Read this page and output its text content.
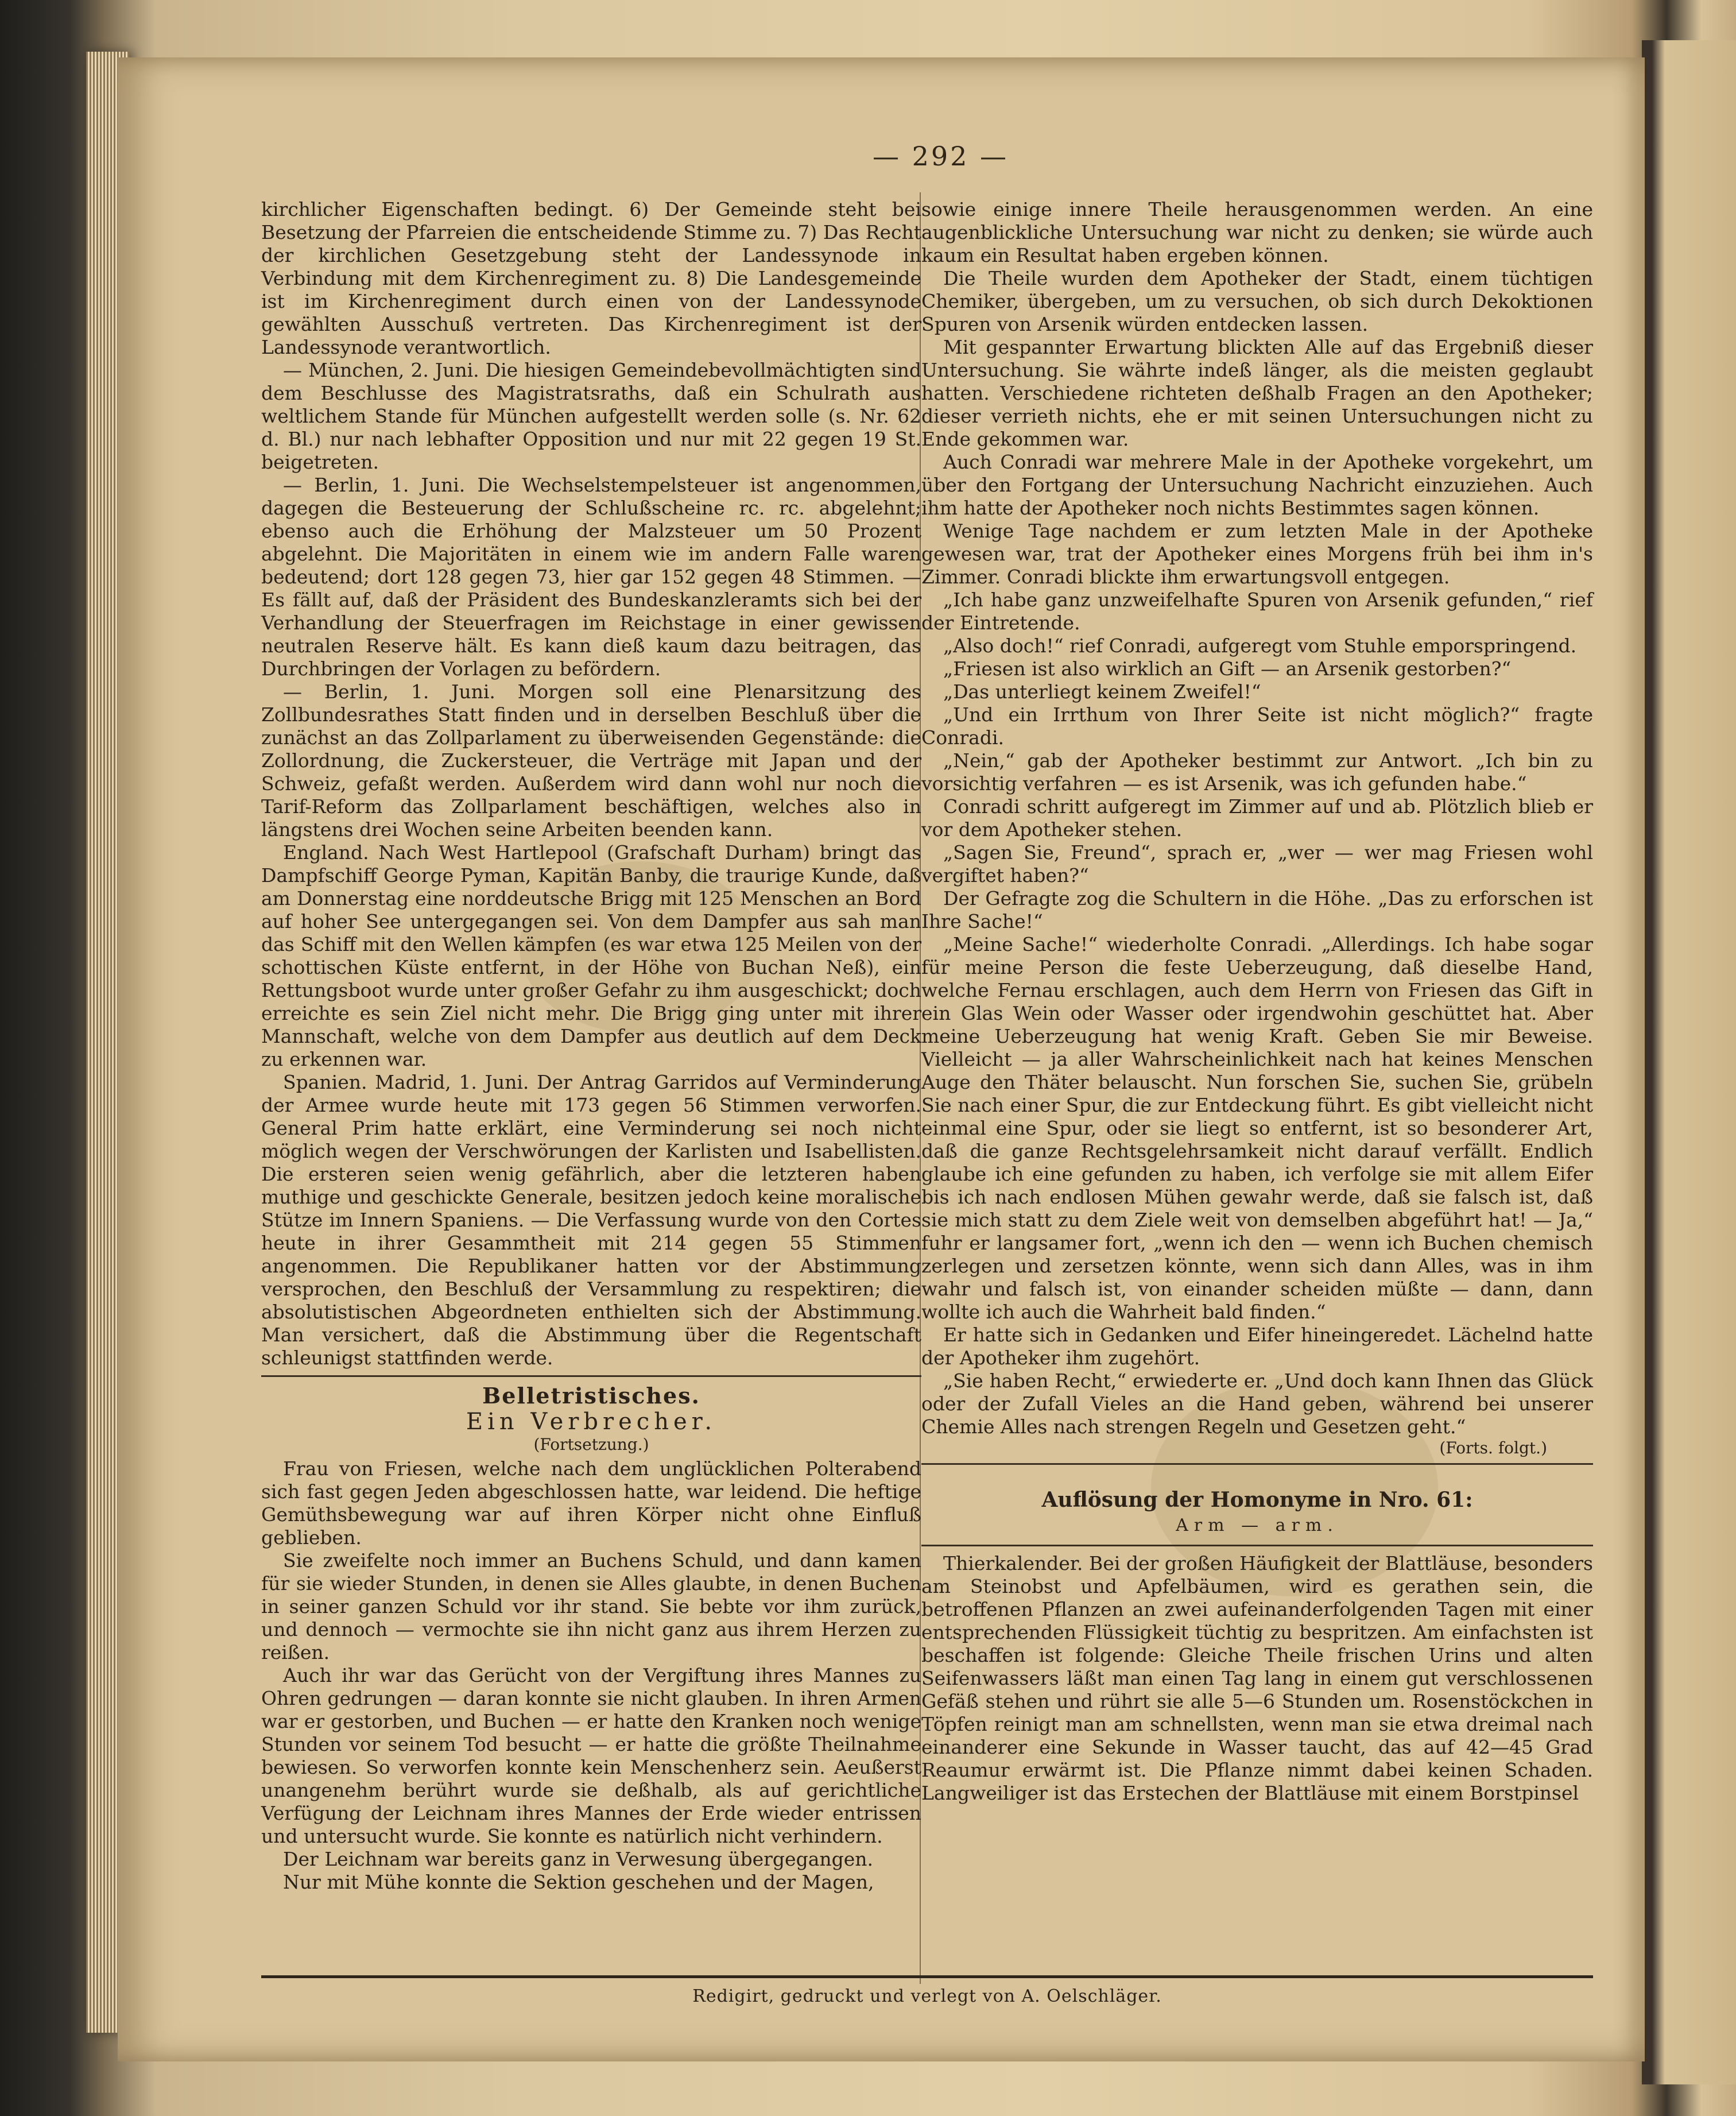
— 292 —

kirchlicher Eigenschaften bedingt. 6) Der Gemeinde steht bei Besetzung der Pfarreien die entscheidende Stimme zu. 7) Das Recht der kirchlichen Gesetzgebung steht der Landessynode in Verbindung mit dem Kirchenregiment zu. 8) Die Landesgemeinde ist im Kirchenregiment durch einen von der Landessynode gewählten Ausschuß vertreten. Das Kirchenregiment ist der Landessynode verantwortlich.

— München, 2. Juni. Die hiesigen Gemeindebevollmächtigten sind dem Beschlusse des Magistratsraths, daß ein Schulrath aus weltlichem Stande für München aufgestellt werden solle (s. Nr. 62 d. Bl.) nur nach lebhafter Opposition und nur mit 22 gegen 19 St. beigetreten.

— Berlin, 1. Juni. Die Wechselstempelsteuer ist angenommen, dagegen die Besteuerung der Schlußscheine rc. rc. abgelehnt; ebenso auch die Erhöhung der Malzsteuer um 50 Prozent abgelehnt. Die Majoritäten in einem wie im andern Falle waren bedeutend; dort 128 gegen 73, hier gar 152 gegen 48 Stimmen. — Es fällt auf, daß der Präsident des Bundeskanzleramts sich bei der Verhandlung der Steuerfragen im Reichstage in einer gewissen neutralen Reserve hält. Es kann dieß kaum dazu beitragen, das Durchbringen der Vorlagen zu befördern.

— Berlin, 1. Juni. Morgen soll eine Plenarsitzung des Zollbundesrathes Statt finden und in derselben Beschluß über die zunächst an das Zollparlament zu überweisenden Gegenstände: die Zollordnung, die Zuckersteuer, die Verträge mit Japan und der Schweiz, gefaßt werden. Außerdem wird dann wohl nur noch die Tarif-Reform das Zollparlament beschäftigen, welches also in längstens drei Wochen seine Arbeiten beenden kann.

England. Nach West Hartlepool (Grafschaft Durham) bringt das Dampfschiff George Pyman, Kapitän Banby, die traurige Kunde, daß am Donnerstag eine norddeutsche Brigg mit 125 Menschen an Bord auf hoher See untergegangen sei. Von dem Dampfer aus sah man das Schiff mit den Wellen kämpfen (es war etwa 125 Meilen von der schottischen Küste entfernt, in der Höhe von Buchan Neß), ein Rettungsboot wurde unter großer Gefahr zu ihm ausgeschickt; doch erreichte es sein Ziel nicht mehr. Die Brigg ging unter mit ihrer Mannschaft, welche von dem Dampfer aus deutlich auf dem Deck zu erkennen war.

Spanien. Madrid, 1. Juni. Der Antrag Garridos auf Verminderung der Armee wurde heute mit 173 gegen 56 Stimmen verworfen. General Prim hatte erklärt, eine Verminderung sei noch nicht möglich wegen der Verschwörungen der Karlisten und Isabellisten. Die ersteren seien wenig gefährlich, aber die letzteren haben muthige und geschickte Generale, besitzen jedoch keine moralische Stütze im Innern Spaniens. — Die Verfassung wurde von den Cortes heute in ihrer Gesammtheit mit 214 gegen 55 Stimmen angenommen. Die Republikaner hatten vor der Abstimmung versprochen, den Beschluß der Versammlung zu respektiren; die absolutistischen Abgeordneten enthielten sich der Abstimmung. Man versichert, daß die Abstimmung über die Regentschaft schleunigst stattfinden werde.

Belletristisches.
Ein Verbrecher.
(Fortsetzung.)

Frau von Friesen, welche nach dem unglücklichen Polterabend sich fast gegen Jeden abgeschlossen hatte, war leidend. Die heftige Gemüthsbewegung war auf ihren Körper nicht ohne Einfluß geblieben.

Sie zweifelte noch immer an Buchens Schuld, und dann kamen für sie wieder Stunden, in denen sie Alles glaubte, in denen Buchen in seiner ganzen Schuld vor ihr stand. Sie bebte vor ihm zurück, und dennoch — vermochte sie ihn nicht ganz aus ihrem Herzen zu reißen.

Auch ihr war das Gerücht von der Vergiftung ihres Mannes zu Ohren gedrungen — daran konnte sie nicht glauben. In ihren Armen war er gestorben, und Buchen — er hatte den Kranken noch wenige Stunden vor seinem Tod besucht — er hatte die größte Theilnahme bewiesen. So verworfen konnte kein Menschenherz sein. Aeußerst unangenehm berührt wurde sie deßhalb, als auf gerichtliche Verfügung der Leichnam ihres Mannes der Erde wieder entrissen und untersucht wurde. Sie konnte es natürlich nicht verhindern.

Der Leichnam war bereits ganz in Verwesung übergegangen.

Nur mit Mühe konnte die Sektion geschehen und der Magen,

sowie einige innere Theile herausgenommen werden. An eine augenblickliche Untersuchung war nicht zu denken; sie würde auch kaum ein Resultat haben ergeben können.

Die Theile wurden dem Apotheker der Stadt, einem tüchtigen Chemiker, übergeben, um zu versuchen, ob sich durch Dekoktionen Spuren von Arsenik würden entdecken lassen.

Mit gespannter Erwartung blickten Alle auf das Ergebniß dieser Untersuchung. Sie währte indeß länger, als die meisten geglaubt hatten. Verschiedene richteten deßhalb Fragen an den Apotheker; dieser verrieth nichts, ehe er mit seinen Untersuchungen nicht zu Ende gekommen war.

Auch Conradi war mehrere Male in der Apotheke vorgekehrt, um über den Fortgang der Untersuchung Nachricht einzuziehen. Auch ihm hatte der Apotheker noch nichts Bestimmtes sagen können.

Wenige Tage nachdem er zum letzten Male in der Apotheke gewesen war, trat der Apotheker eines Morgens früh bei ihm in's Zimmer. Conradi blickte ihm erwartungsvoll entgegen.

„Ich habe ganz unzweifelhafte Spuren von Arsenik gefunden,“ rief der Eintretende.

„Also doch!“ rief Conradi, aufgeregt vom Stuhle emporspringend.

„Friesen ist also wirklich an Gift — an Arsenik gestorben?“

„Das unterliegt keinem Zweifel!“

„Und ein Irrthum von Ihrer Seite ist nicht möglich?“ fragte Conradi.

„Nein,“ gab der Apotheker bestimmt zur Antwort. „Ich bin zu vorsichtig verfahren — es ist Arsenik, was ich gefunden habe.“

Conradi schritt aufgeregt im Zimmer auf und ab. Plötzlich blieb er vor dem Apotheker stehen.

„Sagen Sie, Freund“, sprach er, „wer — wer mag Friesen wohl vergiftet haben?“

Der Gefragte zog die Schultern in die Höhe. „Das zu erforschen ist Ihre Sache!“

„Meine Sache!“ wiederholte Conradi. „Allerdings. Ich habe sogar für meine Person die feste Ueberzeugung, daß dieselbe Hand, welche Fernau erschlagen, auch dem Herrn von Friesen das Gift in ein Glas Wein oder Wasser oder irgendwohin geschüttet hat. Aber meine Ueberzeugung hat wenig Kraft. Geben Sie mir Beweise. Vielleicht — ja aller Wahrscheinlichkeit nach hat keines Menschen Auge den Thäter belauscht. Nun forschen Sie, suchen Sie, grübeln Sie nach einer Spur, die zur Entdeckung führt. Es gibt vielleicht nicht einmal eine Spur, oder sie liegt so entfernt, ist so besonderer Art, daß die ganze Rechtsgelehrsamkeit nicht darauf verfällt. Endlich glaube ich eine gefunden zu haben, ich verfolge sie mit allem Eifer bis ich nach endlosen Mühen gewahr werde, daß sie falsch ist, daß sie mich statt zu dem Ziele weit von demselben abgeführt hat! — Ja,“ fuhr er langsamer fort, „wenn ich den — wenn ich Buchen chemisch zerlegen und zersetzen könnte, wenn sich dann Alles, was in ihm wahr und falsch ist, von einander scheiden müßte — dann, dann wollte ich auch die Wahrheit bald finden.“

Er hatte sich in Gedanken und Eifer hineingeredet. Lächelnd hatte der Apotheker ihm zugehört.

„Sie haben Recht,“ erwiederte er. „Und doch kann Ihnen das Glück oder der Zufall Vieles an die Hand geben, während bei unserer Chemie Alles nach strengen Regeln und Gesetzen geht.“

(Forts. folgt.)
Auflösung der Homonyme in Nro. 61:
Arm — arm.

Thierkalender. Bei der großen Häufigkeit der Blattläuse, besonders am Steinobst und Apfelbäumen, wird es gerathen sein, die betroffenen Pflanzen an zwei aufeinanderfolgenden Tagen mit einer entsprechenden Flüssigkeit tüchtig zu bespritzen. Am einfachsten ist beschaffen ist folgende: Gleiche Theile frischen Urins und alten Seifenwassers läßt man einen Tag lang in einem gut verschlossenen Gefäß stehen und rührt sie alle 5—6 Stunden um. Rosenstöckchen in Töpfen reinigt man am schnellsten, wenn man sie etwa dreimal nach einanderer eine Sekunde in Wasser taucht, das auf 42—45 Grad Reaumur erwärmt ist. Die Pflanze nimmt dabei keinen Schaden. Langweiliger ist das Erstechen der Blattläuse mit einem Borstpinsel

Redigirt, gedruckt und verlegt von A. Oelschläger.
